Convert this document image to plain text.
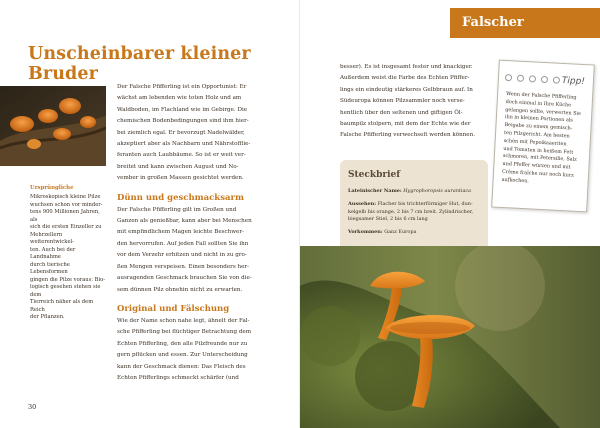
Unscheinbarer kleiner Bruder
Ursprüngliche
Mikroskopisch kleine Pilze
wuchsen schon vor minder-
tens 900 Millionen Jahren, als
sich die ersten Einzeller zu
Mehrzellern weiterentwickel-
ten. Auch bei der Landnahme
durch tierische Lebensformen
gingen die Pilze voraus: Bio-
logisch gesehen stehen sie dem
Tierreich näher als dem Reich
der Pflanzen.
Der Falsche Pfifferling ist ein Opportunist: Er
wächst am lebenden wie toten Holz und am
Waldboden, im Flachland wie im Gebirge. Die
chemischen Bodenbedingungen sind ihm hier-
bei ziemlich egal. Er bevorzugt Nadelwälder,
akzeptiert aber als Nachbarn und Nährstofflie-
feranten auch Laubbäume. So ist er weit ver-
breitet und kann zwischen August und No-
vember in großen Massen gesichtet werden.
Dünn und geschmacksarm
Der Falsche Pfifferling gilt im Großen und
Ganzen als genießbar, kann aber bei Menschen
mit empfindlichem Magen leichte Beschwer-
den hervorrufen. Auf jeden Fall sollten Sie ihn
vor dem Verzehr erhitzen und nicht in zu gro-
ßen Mengen verspeisen. Einen besonders her-
ausragenden Geschmack brauchen Sie von die-
sem dünnen Pilz ohnehin nicht zu erwarten.
Original und Fälschung
Wie der Name schon nahe legt, ähnelt der Fal-
sche Pfifferling bei flüchtiger Betrachtung dem
Echten Pfifferling, den alle Pilzfreunde nur zu
gern pflücken und essen. Zur Unterscheidung
kann der Geschmack dienen: Das Fleisch des
Echten Pfifferlings schmeckt schärfer (und
30
Falscher Pfifferling
besser). Es ist insgesamt fester und knackiger.
Außerdem weist die Farbe des Echten Pfiffer-
lings ein eindeutig stärkeres Gelbbraun auf. In
Südeuropa können Pilzsammler noch verse-
hentlich über den seltenen und giftigen Öl-
baumpilz stolpern, mit dem der Echte wie der
Falsche Pfifferling verwechselt werden können.
Tipp!
Wenn der Falsche Pfifferling
doch einmal in Ihre Küche
gelangen sollte, verwerten Sie
ihn in kleinen Portionen als
Beigabe zu einem gemisch-
ten Pilzgericht. Am besten
schön mit Pepoikaaeriten
und Tomaten in heißem Fett
schmoren, mit Petersilie, Salz
und Pfeffer würzen und mit
Crème fraîche nur noch kurz
aufkochen.
Steckbrief
Lateinischer Name: Hygrophoropsis aurantiaca
Aussehen: Flacher bis trichterförmiger Hut, dun-
kelgelb bis orange, 2 bis 7 cm breit. Zylindrischer,
biegsamer Stiel, 2 bis 6 cm lang
Vorkommen: Ganz Europa
